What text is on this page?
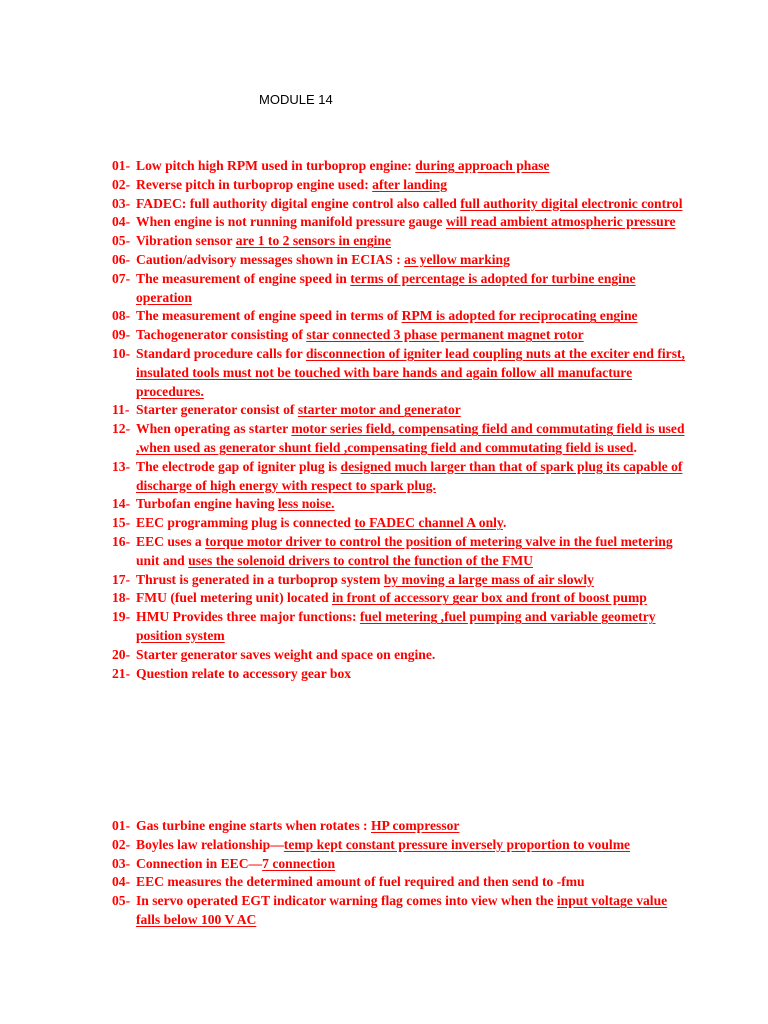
MODULE 14
01- Low pitch high RPM used in turboprop engine: during approach phase
02- Reverse pitch in turboprop engine used: after landing
03- FADEC: full authority digital engine control also called full authority digital electronic control
04- When engine is not running manifold pressure gauge will read ambient atmospheric pressure
05- Vibration sensor are 1 to 2 sensors in engine
06- Caution/advisory messages shown in ECIAS : as yellow marking
07- The measurement of engine speed in terms of percentage is adopted for turbine engine operation
08- The measurement of engine speed in terms of RPM is adopted for reciprocating engine
09- Tachogenerator consisting of star connected 3 phase permanent magnet rotor
10- Standard procedure calls for disconnection of igniter lead coupling nuts at the exciter end first, insulated tools must not be touched with bare hands and again follow all manufacture procedures.
11- Starter generator consist of starter motor and generator
12- When operating as starter motor series field, compensating field and commutating field is used ,when used as generator shunt field ,compensating field and commutating field is used.
13- The electrode gap of igniter plug is designed much larger than that of spark plug its capable of discharge of high energy with respect to spark plug.
14- Turbofan engine having less noise.
15- EEC programming plug is connected to FADEC channel A only.
16- EEC uses a torque motor driver to control the position of metering valve in the fuel metering unit and uses the solenoid drivers to control the function of the FMU
17- Thrust is generated in a turboprop system by moving a large mass of air slowly
18- FMU (fuel metering unit) located in front of accessory gear box and front of boost pump
19- HMU Provides three major functions: fuel metering ,fuel pumping and variable geometry position system
20- Starter generator saves weight and space on engine.
21- Question relate to accessory gear box
01- Gas turbine engine starts when rotates : HP compressor
02- Boyles law relationship—temp kept constant pressure inversely proportion to voulme
03- Connection in EEC—7 connection
04- EEC measures the determined amount of fuel required and then send to -fmu
05- In servo operated EGT indicator warning flag comes into view when the input voltage value falls below 100 V AC
